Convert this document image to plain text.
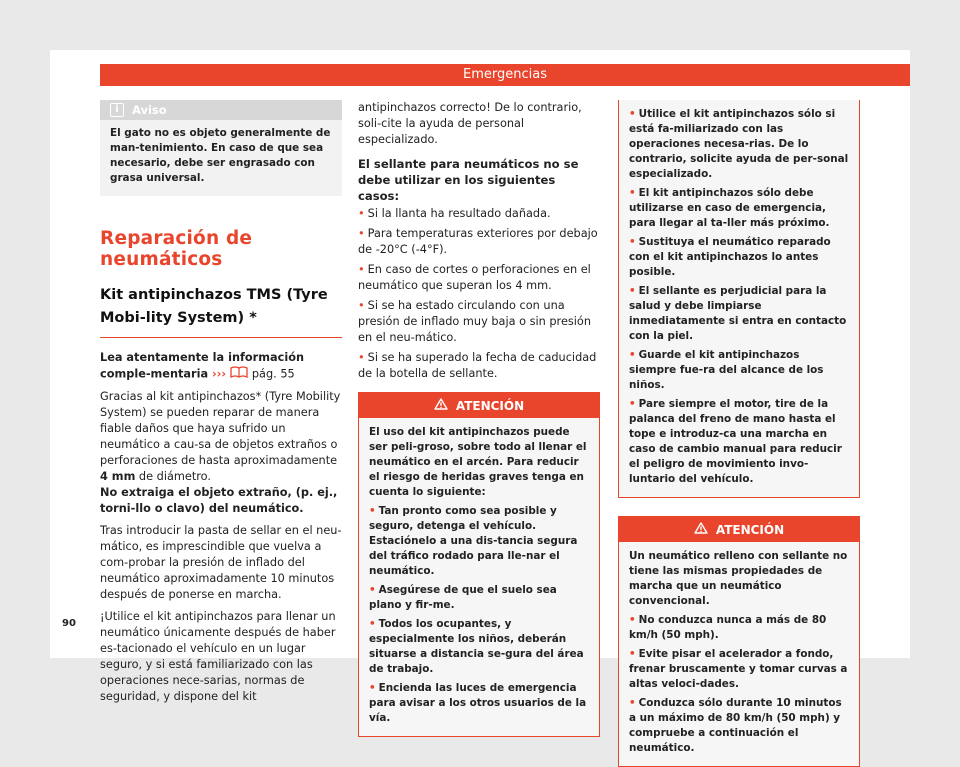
Emergencias
i	Aviso
El gato no es objeto generalmente de man-tenimiento. En caso de que sea necesario, debe ser engrasado con grasa universal.
Reparación de neumáticos
Kit antipinchazos TMS (Tyre Mobi-lity System) *

Lea atentamente la información comple-mentaria ››› pág. 55

Gracias al kit antipinchazos* (Tyre Mobility System) se pueden reparar de manera fiable daños que haya sufrido un neumático a cau-sa de objetos extraños o perforaciones de hasta aproximadamente 4 mm de diámetro.

No extraiga el objeto extraño, (p. ej., torni-llo o clavo) del neumático.

Tras introducir la pasta de sellar en el neu-mático, es imprescindible que vuelva a com-probar la presión de inflado del neumático aproximadamente 10 minutos después de ponerse en marcha.

¡Utilice el kit antipinchazos para llenar un neumático únicamente después de haber es-tacionado el vehículo en un lugar seguro, y si está familiarizado con las operaciones nece-sarias, normas de seguridad, y dispone del kit

antipinchazos correcto! De lo contrario, soli-cite la ayuda de personal especializado.

El sellante para neumáticos no se debe utilizar en los siguientes casos:

• Si la llanta ha resultado dañada.

• Para temperaturas exteriores por debajo de -20°C (-4°F).

• En caso de cortes o perforaciones en el neumático que superan los 4 mm.

• Si se ha estado circulando con una presión de inflado muy baja o sin presión en el neu-mático.

• Si se ha superado la fecha de caducidad de la botella de sellante.

ATENCIÓN

El uso del kit antipinchazos puede ser peli-groso, sobre todo al llenar el neumático en el arcén. Para reducir el riesgo de heridas graves tenga en cuenta lo siguiente:

• Tan pronto como sea posible y seguro, detenga el vehículo. Estaciónelo a una dis-tancia segura del tráfico rodado para lle-nar el neumático.

• Asegúrese de que el suelo sea plano y fir-me.

• Todos los ocupantes, y especialmente los niños, deberán situarse a distancia se-gura del área de trabajo.

• Encienda las luces de emergencia para avisar a los otros usuarios de la vía.

• Utilice el kit antipinchazos sólo si está fa-miliarizado con las operaciones necesa-rias. De lo contrario, solicite ayuda de per-sonal especializado.

• El kit antipinchazos sólo debe utilizarse en caso de emergencia, para llegar al ta-ller más próximo.

• Sustituya el neumático reparado con el kit antipinchazos lo antes posible.

• El sellante es perjudicial para la salud y debe limpiarse inmediatamente si entra en contacto con la piel.

• Guarde el kit antipinchazos siempre fue-ra del alcance de los niños.

• Pare siempre el motor, tire de la palanca del freno de mano hasta el tope e introduz-ca una marcha en caso de cambio manual para reducir el peligro de movimiento invo-luntario del vehículo.

ATENCIÓN

Un neumático relleno con sellante no tiene las mismas propiedades de marcha que un neumático convencional.

• No conduzca nunca a más de 80 km/h (50 mph).

• Evite pisar el acelerador a fondo, frenar bruscamente y tomar curvas a altas veloci-dades.

• Conduzca sólo durante 10 minutos a un máximo de 80 km/h (50 mph) y compruebe a continuación el neumático.

90
